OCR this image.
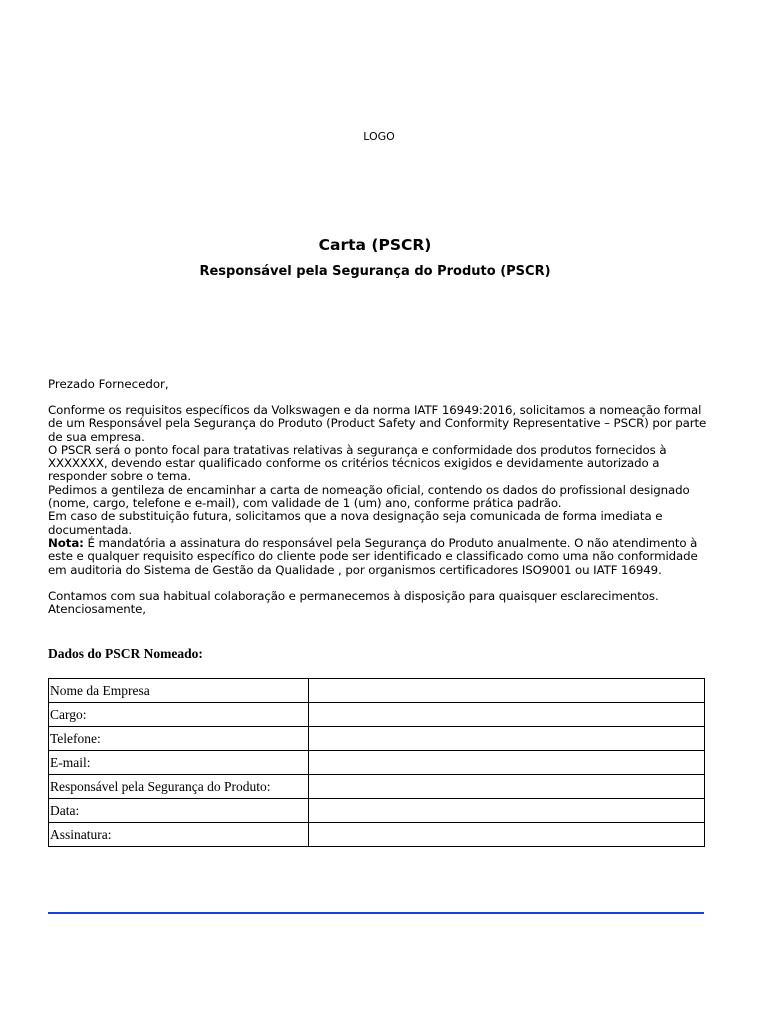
LOGO
Carta (PSCR)
Responsável pela Segurança do Produto (PSCR)
Prezado Fornecedor,

Conforme os requisitos específicos da Volkswagen e da norma IATF 16949:2016, solicitamos a nomeação formal de um Responsável pela Segurança do Produto (Product Safety and Conformity Representative – PSCR) por parte de sua empresa.

O PSCR será o ponto focal para tratativas relativas à segurança e conformidade dos produtos fornecidos à XXXXXXX, devendo estar qualificado conforme os critérios técnicos exigidos e devidamente autorizado a responder sobre o tema.

Pedimos a gentileza de encaminhar a carta de nomeação oficial, contendo os dados do profissional designado (nome, cargo, telefone e e-mail), com validade de 1 (um) ano, conforme prática padrão.

Em caso de substituição futura, solicitamos que a nova designação seja comunicada de forma imediata e documentada.

Nota: É mandatória a assinatura do responsável pela Segurança do Produto anualmente. O não atendimento à este e qualquer requisito específico do cliente pode ser identificado e classificado como uma não conformidade em auditoria do Sistema de Gestão da Qualidade , por organismos certificadores ISO9001 ou IATF 16949.

Contamos com sua habitual colaboração e permanecemos à disposição para quaisquer esclarecimentos.

Atenciosamente,

Dados do PSCR Nomeado:
Nome da Empresa	
Cargo:	
Telefone:	
E-mail:	
Responsável pela Segurança do Produto:	
Data:	
Assinatura:	
